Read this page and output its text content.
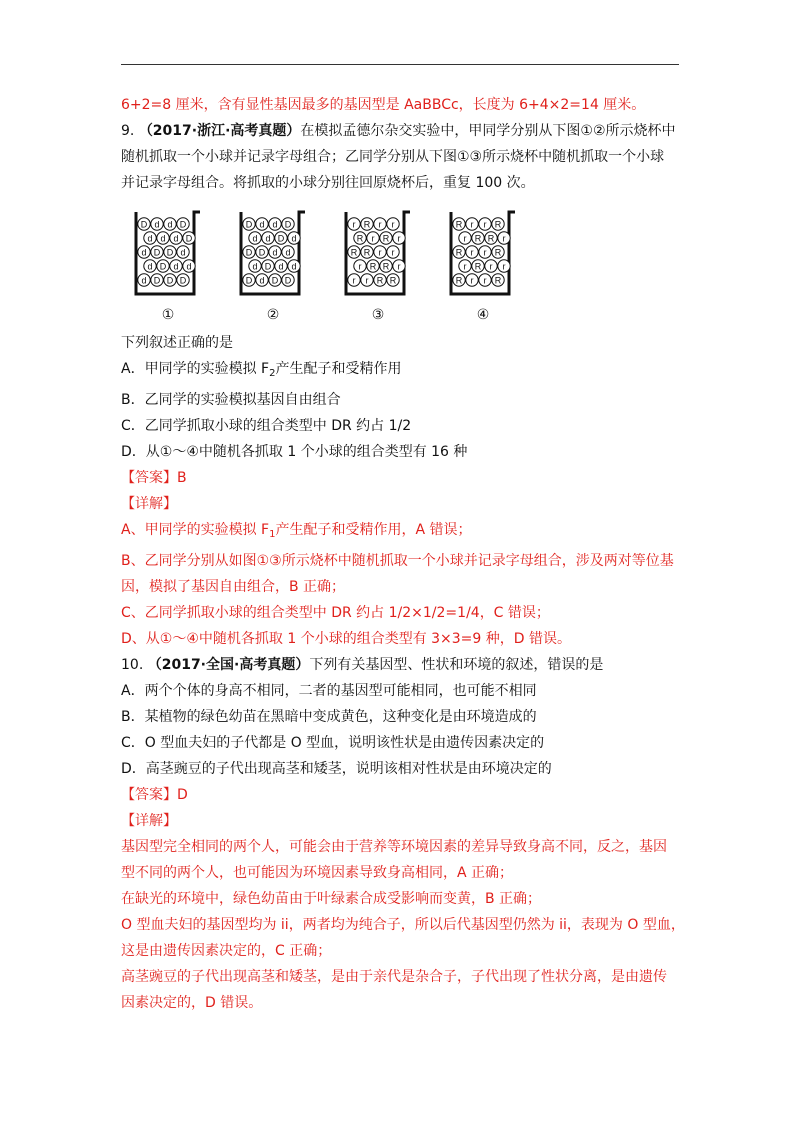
6+2=8 厘米，含有显性基因最多的基因型是 AaBBCc，长度为 6+4×2=14 厘米。
9. （2017·浙江·高考真题）在模拟孟德尔杂交实验中，甲同学分别从下图①②所示烧杯中
随机抓取一个小球并记录字母组合；乙同学分别从下图①③所示烧杯中随机抓取一个小球
并记录字母组合。将抓取的小球分别往回原烧杯后，重复 100 次。
D d d D
d d d D
d D D d
d D d d
d D D D
①
D d d D
d d D d
D D d d
d D d d
D d D D
②
r R r r
R r R r
R R r r
r R R r
r r R R
③
R r r R
r R R r
R r r R
r R r r
R r r R
④
下列叙述正确的是
A．甲同学的实验模拟 $F_2$产生配子和受精作用
B．乙同学的实验模拟基因自由组合
C．乙同学抓取小球的组合类型中 DR 约占 1/2
D．从①～④中随机各抓取 1 个小球的组合类型有 16 种
【答案】B
【详解】
A、甲同学的实验模拟 $F_1$产生配子和受精作用，A 错误；
B、乙同学分别从如图①③所示烧杯中随机抓取一个小球并记录字母组合，涉及两对等位基
因，模拟了基因自由组合，B 正确；
C、乙同学抓取小球的组合类型中 DR 约占 1/2×1/2=1/4，C 错误；
D、从①～④中随机各抓取 1 个小球的组合类型有 3×3=9 种，D 错误。
10. （2017·全国·高考真题）下列有关基因型、性状和环境的叙述，错误的是
A．两个个体的身高不相同，二者的基因型可能相同，也可能不相同
B．某植物的绿色幼苗在黑暗中变成黄色，这种变化是由环境造成的
C．O 型血夫妇的子代都是 O 型血，说明该性状是由遗传因素决定的
D．高茎豌豆的子代出现高茎和矮茎，说明该相对性状是由环境决定的
【答案】D
【详解】
基因型完全相同的两个人，可能会由于营养等环境因素的差异导致身高不同，反之，基因
型不同的两个人，也可能因为环境因素导致身高相同，A 正确；
在缺光的环境中，绿色幼苗由于叶绿素合成受影响而变黄，B 正确；
O 型血夫妇的基因型均为 ii，两者均为纯合子，所以后代基因型仍然为 ii，表现为 O 型血，
这是由遗传因素决定的，C 正确；
高茎豌豆的子代出现高茎和矮茎，是由于亲代是杂合子，子代出现了性状分离，是由遗传
因素决定的，D 错误。
